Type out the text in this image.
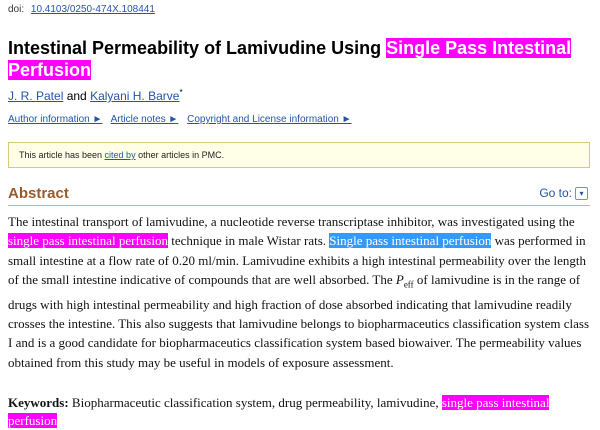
doi: 10.4103/0250-474X.108441
Intestinal Permeability of Lamivudine Using Single Pass Intestinal Perfusion
J. R. Patel and Kalyani H. Barve*
Author information ► Article notes ► Copyright and License information ►
This article has been cited by other articles in PMC.
Abstract	Go to: ▾

The intestinal transport of lamivudine, a nucleotide reverse transcriptase inhibitor, was investigated using the single pass intestinal perfusion technique in male Wistar rats. Single pass intestinal perfusion was performed in small intestine at a flow rate of 0.20 ml/min. Lamivudine exhibits a high intestinal permeability over the length of the small intestine indicative of compounds that are well absorbed. The $P_{eff}$ of lamivudine is in the range of drugs with high intestinal permeability and high fraction of dose absorbed indicating that lamivudine readily crosses the intestine. This also suggests that lamivudine belongs to biopharmaceutics classification system class I and is a good candidate for biopharmaceutics classification system based biowaiver. The permeability values obtained from this study may be useful in models of exposure assessment.

Keywords: Biopharmaceutic classification system, drug permeability, lamivudine, single pass intestinal perfusion
